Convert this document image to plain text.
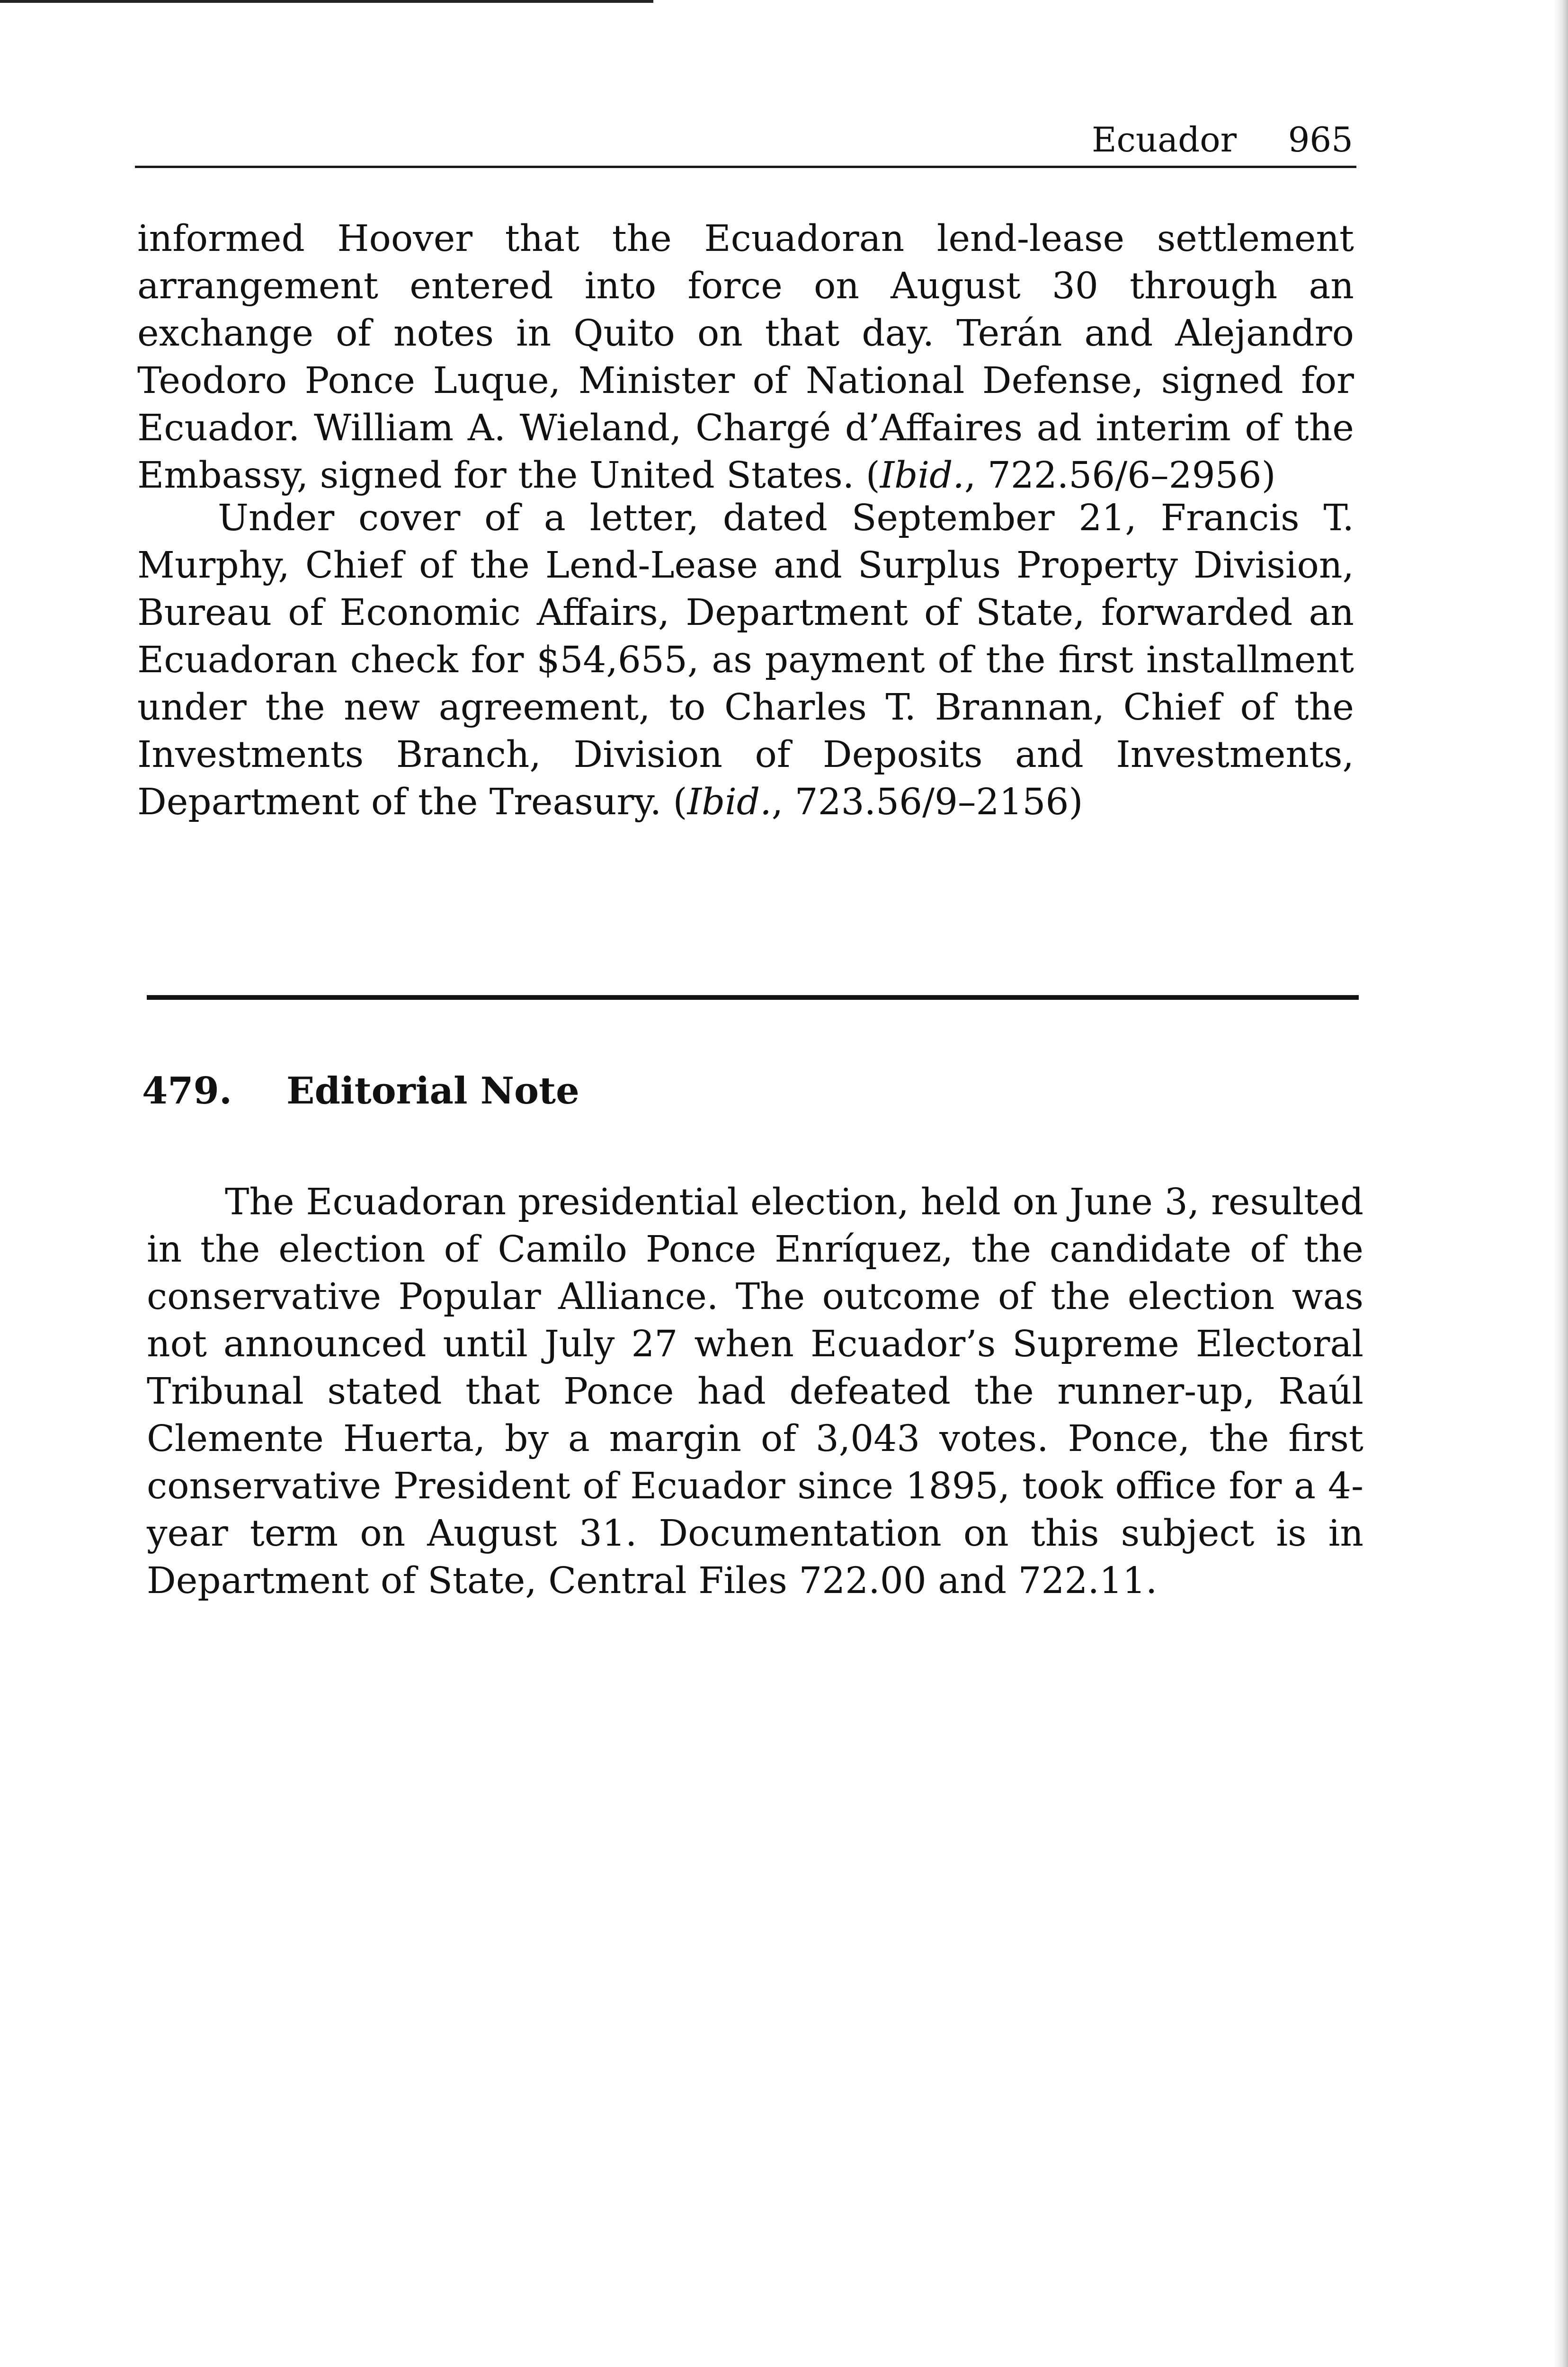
Ecuador 965

informed Hoover that the Ecuadoran lend-lease settlement arrangement entered into force on August 30 through an exchange of notes in Quito on that day. Terán and Alejandro Teodoro Ponce Luque, Minister of National Defense, signed for Ecuador. William A. Wieland, Chargé d’Affaires ad interim of the Embassy, signed for the United States. (Ibid., 722.56/6–2956)

Under cover of a letter, dated September 21, Francis T. Murphy, Chief of the Lend-Lease and Surplus Property Division, Bureau of Economic Affairs, Department of State, forwarded an Ecuadoran check for $54,655, as payment of the first installment under the new agreement, to Charles T. Brannan, Chief of the Investments Branch, Division of Deposits and Investments, Department of the Treasury. (Ibid., 723.56/9–2156)

479. Editorial Note

The Ecuadoran presidential election, held on June 3, resulted in the election of Camilo Ponce Enríquez, the candidate of the conservative Popular Alliance. The outcome of the election was not announced until July 27 when Ecuador’s Supreme Electoral Tribunal stated that Ponce had defeated the runner-up, Raúl Clemente Huerta, by a margin of 3,043 votes. Ponce, the first conservative President of Ecuador since 1895, took office for a 4-year term on August 31. Documentation on this subject is in Department of State, Central Files 722.00 and 722.11.
